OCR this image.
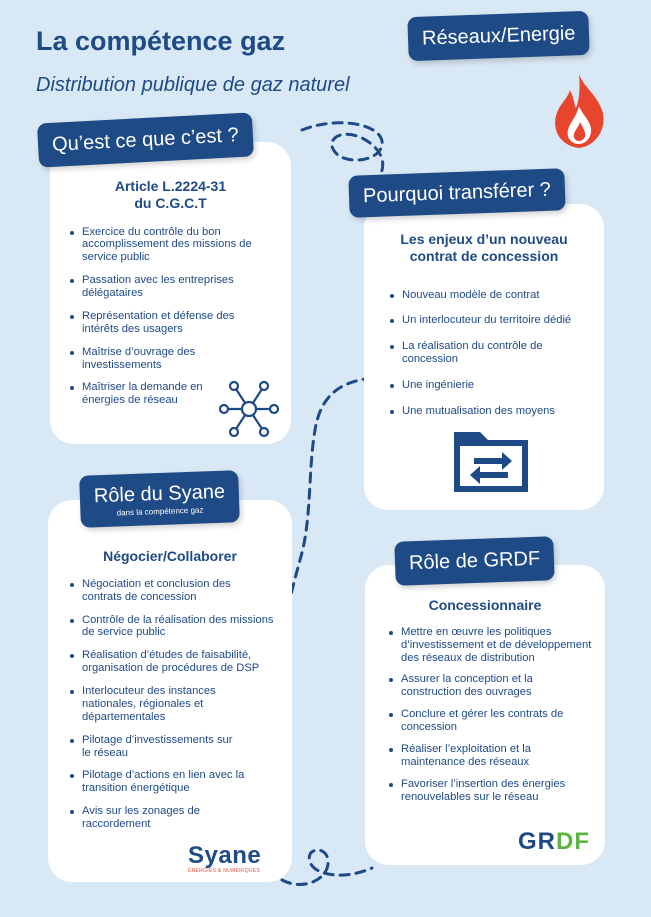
La compétence gaz
Distribution publique de gaz naturel
Réseaux/Energie
Article L.2224-31
du C.G.C.T
Exercice du contrôle du bon accomplissement des missions de service public
Passation avec les entreprises délégataires
Représentation et défense des intérêts des usagers
Maîtrise d’ouvrage des investissements
Maîtriser la demande en énergies de réseau
Qu’est ce que c’est ?
Les enjeux d’un nouveau
contrat de concession
Nouveau modèle de contrat
Un interlocuteur du territoire dédié
La réalisation du contrôle de concession
Une ingénierie
Une mutualisation des moyens
Pourquoi transférer ?
Négocier/Collaborer
Négociation et conclusion des contrats de concession
Contrôle de la réalisation des missions de service public
Réalisation d’études de faisabilité, organisation de procédures de DSP
Interlocuteur des instances nationales, régionales et départementales
Pilotage d’investissements sur le réseau
Pilotage d’actions en lien avec la transition énergétique
Avis sur les zonages de raccordement
Rôle du Syane
dans la compétence gaz
Concessionnaire
Mettre en œuvre les politiques d’investissement et de développement des réseaux de distribution
Assurer la conception et la construction des ouvrages
Conclure et gérer les contrats de concession
Réaliser l’exploitation et la maintenance des réseaux
Favoriser l’insertion des énergies renouvelables sur le réseau
Rôle de GRDF
Syane
ÉNERGIES & NUMÉRIQUES
GRDF
